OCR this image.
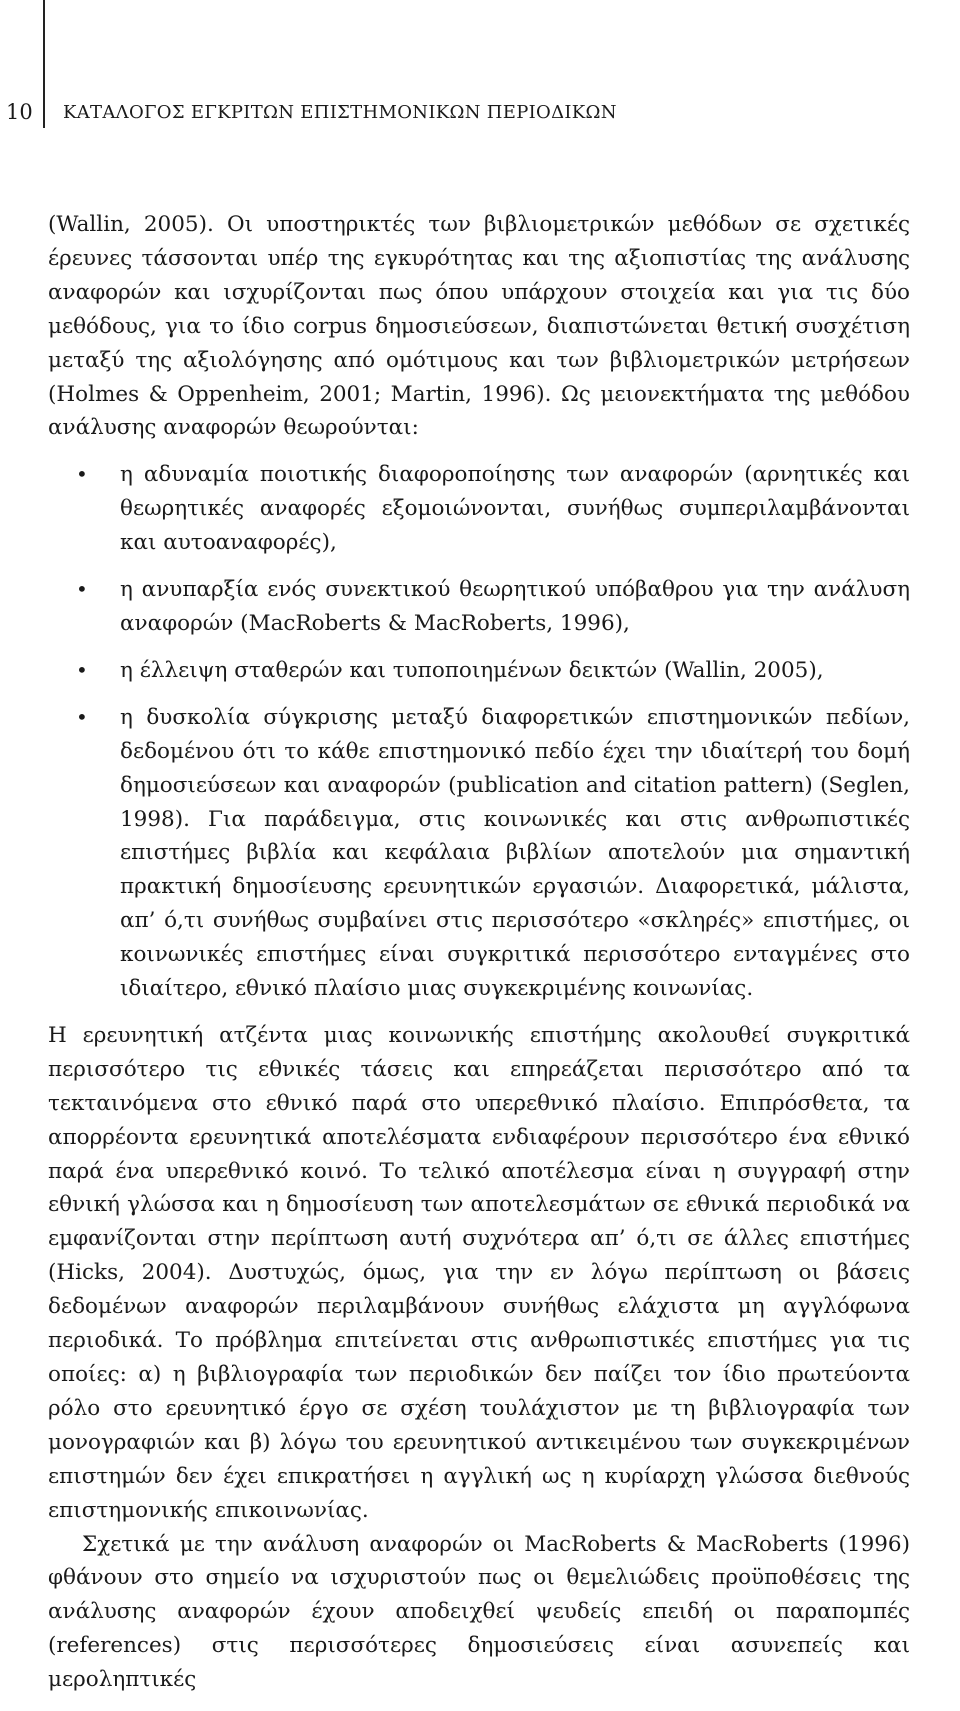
10 ΚΑΤΑΛΟΓΟΣ ΕΓΚΡΙΤΩΝ ΕΠΙΣΤΗΜΟΝΙΚΩΝ ΠΕΡΙΟΔΙΚΩΝ

(Wallin, 2005). Οι υποστηρικτές των βιβλιομετρικών μεθόδων σε σχετικές έρευνες τάσσονται υπέρ της εγκυρότητας και της αξιοπιστίας της ανάλυσης αναφορών και ισχυρίζονται πως όπου υπάρχουν στοιχεία και για τις δύο μεθόδους, για το ίδιο corpus δημοσιεύσεων, διαπιστώνεται θετική συσχέτιση μεταξύ της αξιολόγησης από ομότιμους και των βιβλιομετρικών μετρήσεων (Holmes & Oppenheim, 2001; Martin, 1996). Ως μειονεκτήματα της μεθόδου ανάλυσης αναφορών θεωρούνται:

• η αδυναμία ποιοτικής διαφοροποίησης των αναφορών (αρνητικές και θεωρητικές αναφορές εξομοιώνονται, συνήθως συμπεριλαμβάνονται και αυτοαναφορές),
• η ανυπαρξία ενός συνεκτικού θεωρητικού υπόβαθρου για την ανάλυση αναφορών (MacRoberts & MacRoberts, 1996),
• η έλλειψη σταθερών και τυποποιημένων δεικτών (Wallin, 2005),
• η δυσκολία σύγκρισης μεταξύ διαφορετικών επιστημονικών πεδίων, δεδομένου ότι το κάθε επιστημονικό πεδίο έχει την ιδιαίτερή του δομή δημοσιεύσεων και αναφορών (publication and citation pattern) (Seglen, 1998). Για παράδειγμα, στις κοινωνικές και στις ανθρωπιστικές επιστήμες βιβλία και κεφάλαια βιβλίων αποτελούν μια σημαντική πρακτική δημοσίευσης ερευνητικών εργασιών. Διαφορετικά, μάλιστα, απ’ ό,τι συνήθως συμβαίνει στις περισσότερο «σκληρές» επιστήμες, οι κοινωνικές επιστήμες είναι συγκριτικά περισσότερο ενταγμένες στο ιδιαίτερο, εθνικό πλαίσιο μιας συγκεκριμένης κοινωνίας.

Η ερευνητική ατζέντα μιας κοινωνικής επιστήμης ακολουθεί συγκριτικά περισσότερο τις εθνικές τάσεις και επηρεάζεται περισσότερο από τα τεκταινόμενα στο εθνικό παρά στο υπερεθνικό πλαίσιο. Επιπρόσθετα, τα απορρέοντα ερευνητικά αποτελέσματα ενδιαφέρουν περισσότερο ένα εθνικό παρά ένα υπερεθνικό κοινό. Το τελικό αποτέλεσμα είναι η συγγραφή στην εθνική γλώσσα και η δημοσίευση των αποτελεσμάτων σε εθνικά περιοδικά να εμφανίζονται στην περίπτωση αυτή συχνότερα απ’ ό,τι σε άλλες επιστήμες (Hicks, 2004). Δυστυχώς, όμως, για την εν λόγω περίπτωση οι βάσεις δεδομένων αναφορών περιλαμβάνουν συνήθως ελάχιστα μη αγγλόφωνα περιοδικά. Το πρόβλημα επιτείνεται στις ανθρωπιστικές επιστήμες για τις οποίες: α) η βιβλιογραφία των περιοδικών δεν παίζει τον ίδιο πρωτεύοντα ρόλο στο ερευνητικό έργο σε σχέση τουλάχιστον με τη βιβλιογραφία των μονογραφιών και β) λόγω του ερευνητικού αντικειμένου των συγκεκριμένων επιστημών δεν έχει επικρατήσει η αγγλική ως η κυρίαρχη γλώσσα διεθνούς επιστημονικής επικοινωνίας.

Σχετικά με την ανάλυση αναφορών οι MacRoberts & MacRoberts (1996) φθάνουν στο σημείο να ισχυριστούν πως οι θεμελιώδεις προϋποθέσεις της ανάλυσης αναφορών έχουν αποδειχθεί ψευδείς επειδή οι παραπομπές (references) στις περισσότερες δημοσιεύσεις είναι ασυνεπείς και μεροληπτικές
